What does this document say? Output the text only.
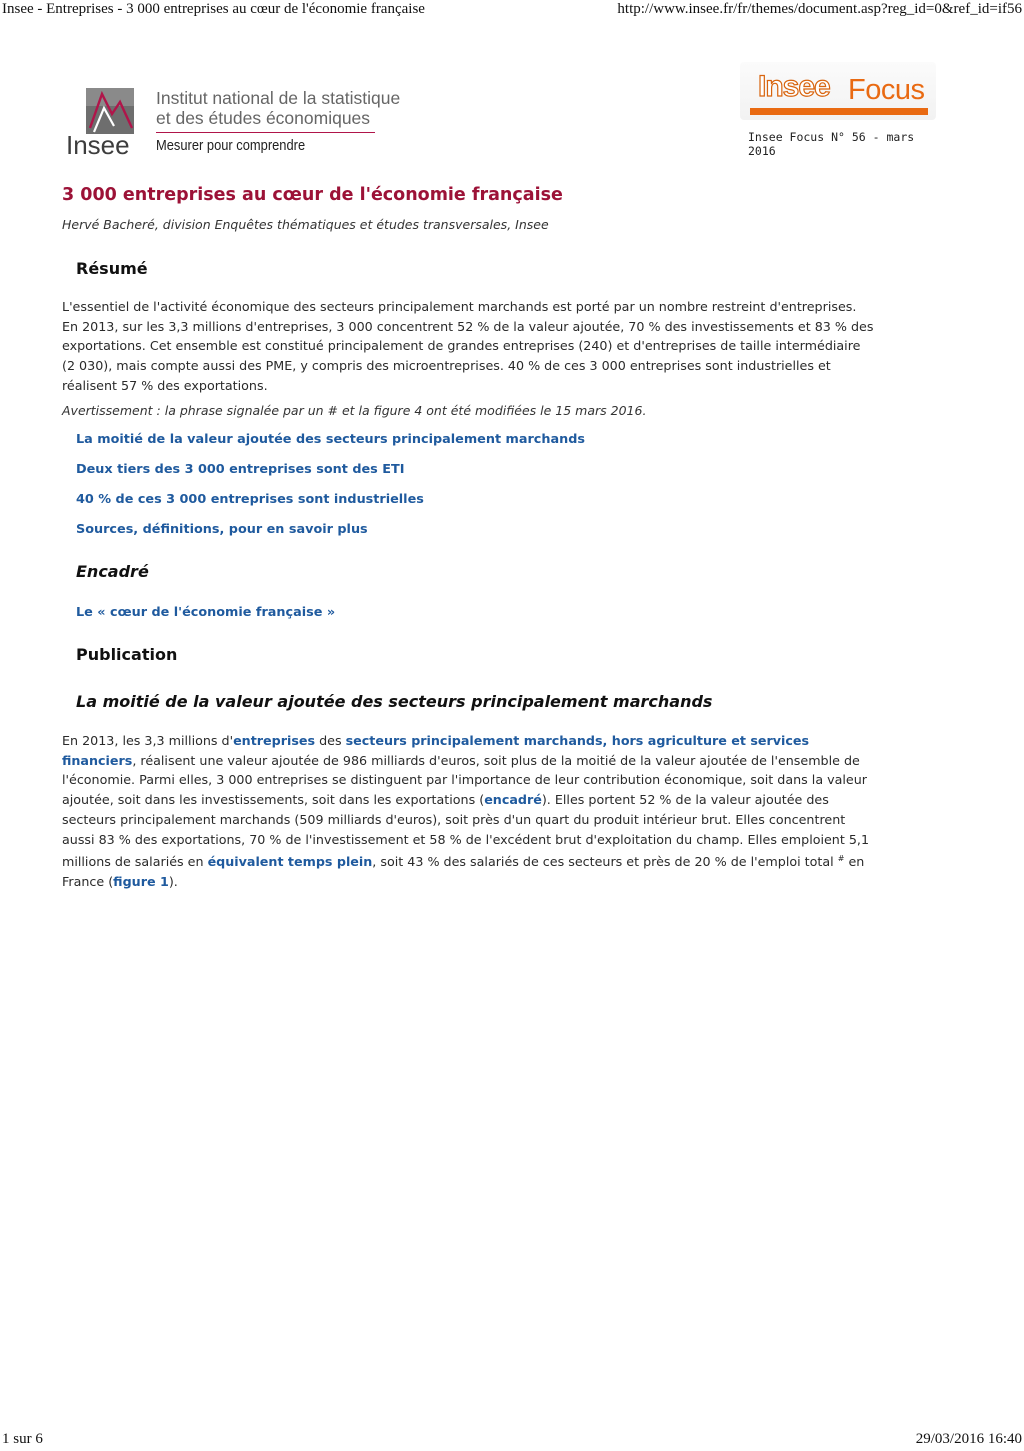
Insee - Entreprises - 3 000 entreprises au cœur de l'économie française	http://www.insee.fr/fr/themes/document.asp?reg_id=0&ref_id=if56
Insee
Institut national de la statistique
et des études économiques
Mesurer pour comprendre
Insee Focus
Insee Focus N° 56 - mars 2016
3 000 entreprises au cœur de l'économie française
Hervé Bacheré, division Enquêtes thématiques et études transversales, Insee
Résumé

L'essentiel de l'activité économique des secteurs principalement marchands est porté par un nombre restreint d'entreprises. En 2013, sur les 3,3 millions d'entreprises, 3 000 concentrent 52 % de la valeur ajoutée, 70 % des investissements et 83 % des exportations. Cet ensemble est constitué principalement de grandes entreprises (240) et d'entreprises de taille intermédiaire (2 030), mais compte aussi des PME, y compris des microentreprises. 40 % de ces 3 000 entreprises sont industrielles et réalisent 57 % des exportations.

Avertissement : la phrase signalée par un # et la figure 4 ont été modifiées le 15 mars 2016.
La moitié de la valeur ajoutée des secteurs principalement marchands
Deux tiers des 3 000 entreprises sont des ETI
40 % de ces 3 000 entreprises sont industrielles
Sources, définitions, pour en savoir plus
Encadré
Le « cœur de l'économie française »
Publication
La moitié de la valeur ajoutée des secteurs principalement marchands

En 2013, les 3,3 millions d'entreprises des secteurs principalement marchands, hors agriculture et services financiers, réalisent une valeur ajoutée de 986 milliards d'euros, soit plus de la moitié de la valeur ajoutée de l'ensemble de l'économie. Parmi elles, 3 000 entreprises se distinguent par l'importance de leur contribution économique, soit dans la valeur ajoutée, soit dans les investissements, soit dans les exportations (encadré). Elles portent 52 % de la valeur ajoutée des secteurs principalement marchands (509 milliards d'euros), soit près d'un quart du produit intérieur brut. Elles concentrent aussi 83 % des exportations, 70 % de l'investissement et 58 % de l'excédent brut d'exploitation du champ. Elles emploient 5,1 millions de salariés en équivalent temps plein, soit 43 % des salariés de ces secteurs et près de 20 % de l'emploi total # en France (figure 1).

1 sur 6	29/03/2016 16:40
